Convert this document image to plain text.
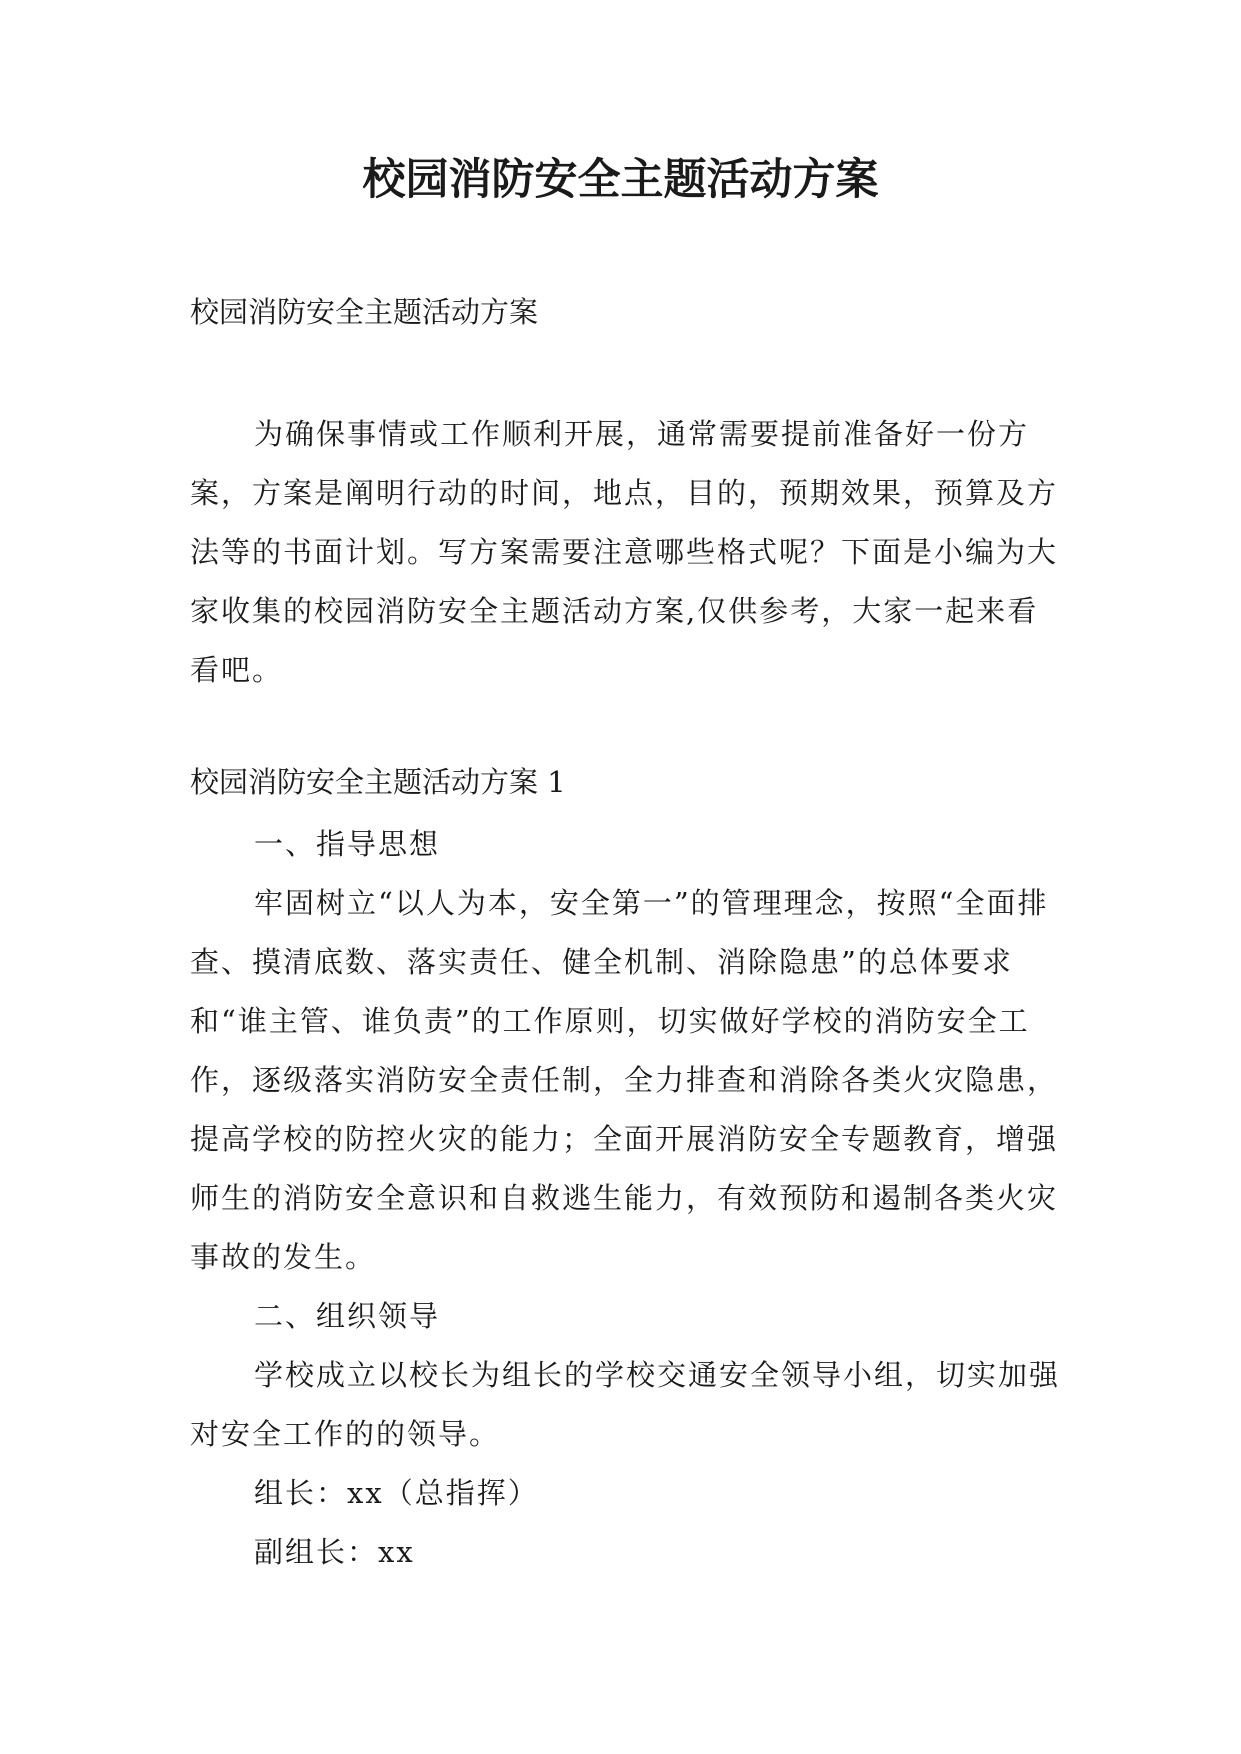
校园消防安全主题活动方案

校园消防安全主题活动方案

为确保事情或工作顺利开展，通常需要提前准备好一份方案，方案是阐明行动的时间，地点，目的，预期效果，预算及方法等的书面计划。写方案需要注意哪些格式呢？下面是小编为大家收集的校园消防安全主题活动方案,仅供参考，大家一起来看看吧。

校园消防安全主题活动方案 1

一、指导思想

牢固树立“以人为本，安全第一”的管理理念，按照“全面排查、摸清底数、落实责任、健全机制、消除隐患”的总体要求和“谁主管、谁负责”的工作原则，切实做好学校的消防安全工作，逐级落实消防安全责任制，全力排查和消除各类火灾隐患，提高学校的防控火灾的能力；全面开展消防安全专题教育，增强师生的消防安全意识和自救逃生能力，有效预防和遏制各类火灾事故的发生。

二、组织领导

学校成立以校长为组长的学校交通安全领导小组，切实加强对安全工作的的领导。

组长：xx（总指挥）

副组长：xx
